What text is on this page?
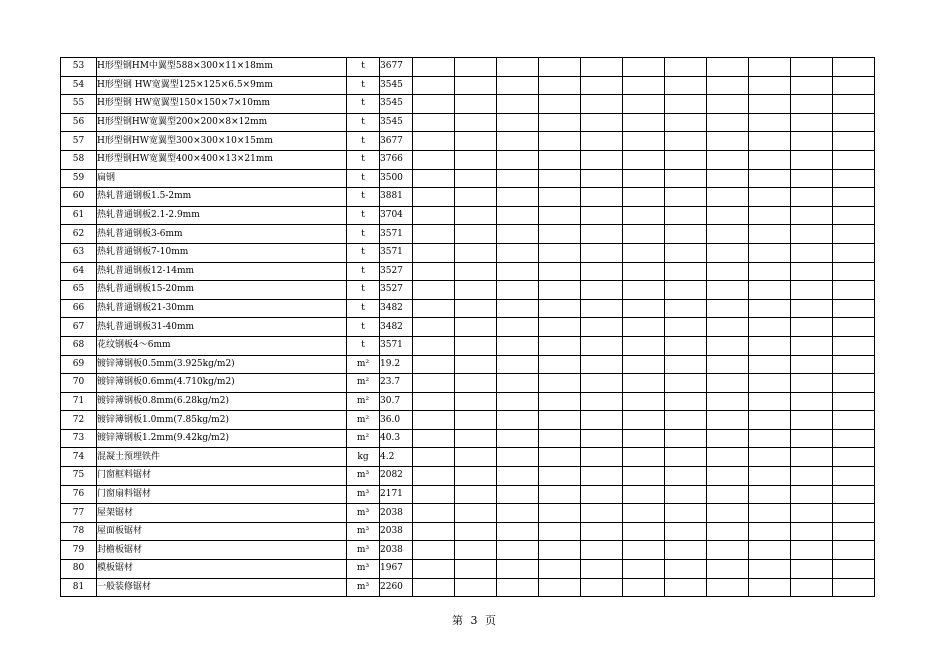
53	H形型钢HM中翼型588×300×11×18mm	t	3677											
54	H形型钢 HW宽翼型125×125×6.5×9mm	t	3545											
55	H形型钢 HW宽翼型150×150×7×10mm	t	3545											
56	H形型钢HW宽翼型200×200×8×12mm	t	3545											
57	H形型钢HW宽翼型300×300×10×15mm	t	3677											
58	H形型钢HW宽翼型400×400×13×21mm	t	3766											
59	扁钢	t	3500											
60	热轧普通钢板1.5-2mm	t	3881											
61	热轧普通钢板2.1-2.9mm	t	3704											
62	热轧普通钢板3-6mm	t	3571											
63	热轧普通钢板7-10mm	t	3571											
64	热轧普通钢板12-14mm	t	3527											
65	热轧普通钢板15-20mm	t	3527											
66	热轧普通钢板21-30mm	t	3482											
67	热轧普通钢板31-40mm	t	3482											
68	花纹钢板4～6mm	t	3571											
69	镀锌簿钢板0.5mm(3.925kg/m2)	m²	19.2											
70	镀锌簿钢板0.6mm(4.710kg/m2)	m²	23.7											
71	镀锌簿钢板0.8mm(6.28kg/m2)	m²	30.7											
72	镀锌簿钢板1.0mm(7.85kg/m2)	m²	36.0											
73	镀锌簿钢板1.2mm(9.42kg/m2)	m²	40.3											
74	混凝土预埋铁件	kg	4.2											
75	门窗框料锯材	m³	2082											
76	门窗扇料锯材	m³	2171											
77	屋架锯材	m³	2038											
78	屋面板锯材	m³	2038											
79	封檐板锯材	m³	2038											
80	模板锯材	m³	1967											
81	一般装修锯材	m³	2260											
第 3 页
